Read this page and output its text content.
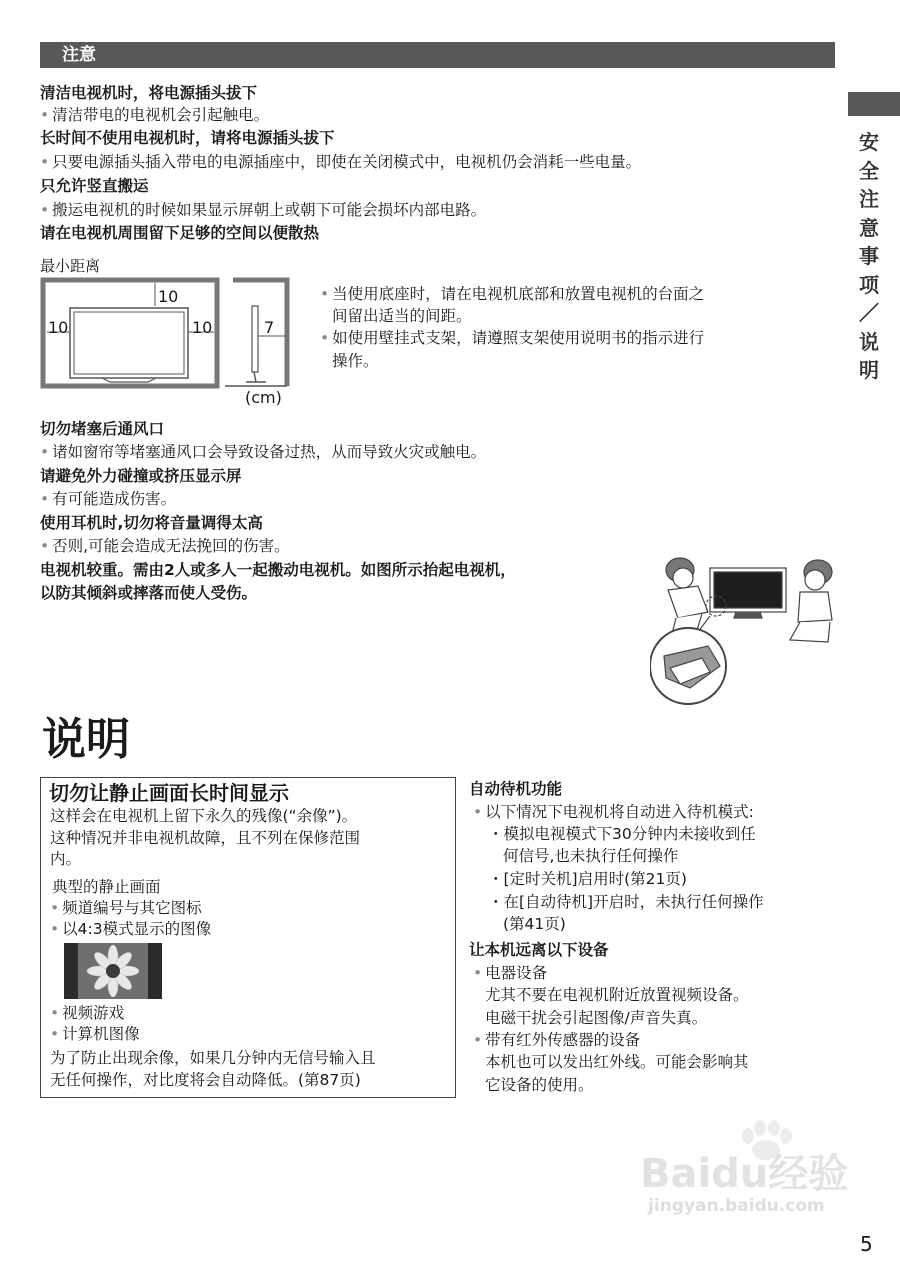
注意
安
全
注
意
事
项
／
说
明
清洁电视机时，将电源插头拔下
• 清洁带电的电视机会引起触电。
长时间不使用电视机时，请将电源插头拔下
• 只要电源插头插入带电的电源插座中，即使在关闭模式中，电视机仍会消耗一些电量。
只允许竖直搬运
• 搬运电视机的时候如果显示屏朝上或朝下可能会损坏内部电路。
请在电视机周围留下足够的空间以便散热
最小距离
10
10	10	7
(cm)
• 当使用底座时，请在电视机底部和放置电视机的台面之
间留出适当的间距。
• 如使用壁挂式支架，请遵照支架使用说明书的指示进行
操作。
切勿堵塞后通风口
• 诸如窗帘等堵塞通风口会导致设备过热，从而导致火灾或触电。
请避免外力碰撞或挤压显示屏
• 有可能造成伤害。
使用耳机时,切勿将音量调得太高
• 否则,可能会造成无法挽回的伤害。
电视机较重。需由2人或多人一起搬动电视机。如图所示抬起电视机，
以防其倾斜或摔落而使人受伤。
说明
切勿让静止画面长时间显示
这样会在电视机上留下永久的残像(“余像”)。
这种情况并非电视机故障，且不列在保修范围
内。
典型的静止画面
• 频道编号与其它图标
• 以4:3模式显示的图像
• 视频游戏
• 计算机图像
为了防止出现余像，如果几分钟内无信号输入且
无任何操作，对比度将会自动降低。(第87页)
自动待机功能
• 以下情况下电视机将自动进入待机模式:
・模拟电视模式下30分钟内未接收到任
何信号,也未执行任何操作
・[定时关机]启用时(第21页)
・在[自动待机]开启时，未执行任何操作
(第41页)
让本机远离以下设备
• 电器设备
尤其不要在电视机附近放置视频设备。
电磁干扰会引起图像/声音失真。
• 带有红外传感器的设备
本机也可以发出红外线。可能会影响其
它设备的使用。
Baidu经验
jingyan.baidu.com
5
